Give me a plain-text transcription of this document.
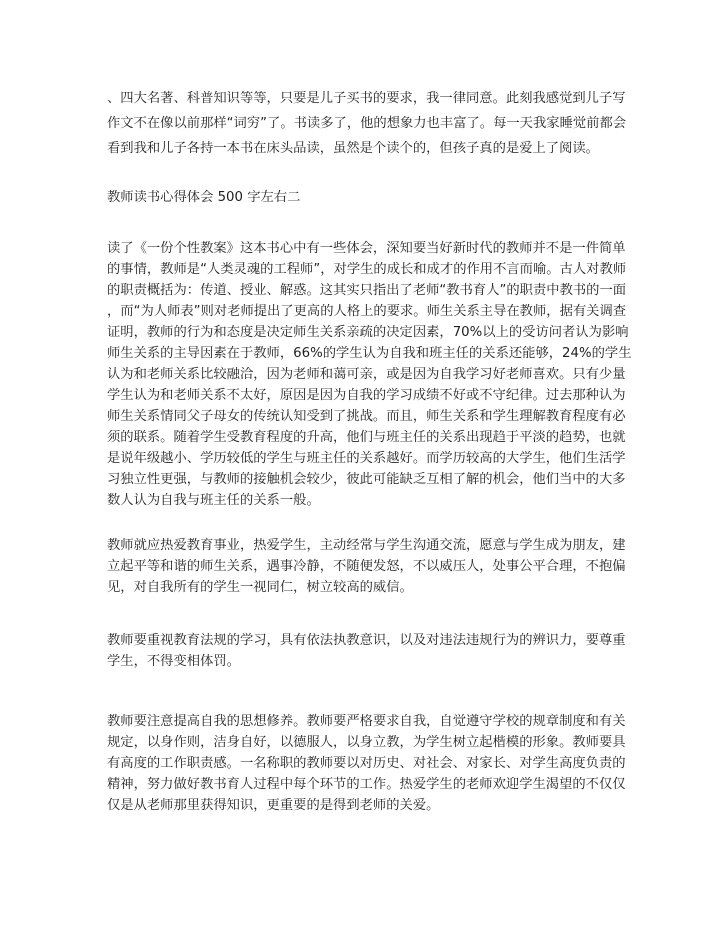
、四大名著、科普知识等等，只要是儿子买书的要求，我一律同意。此刻我感觉到儿子写
作文不在像以前那样“词穷”了。书读多了，他的想象力也丰富了。每一天我家睡觉前都会
看到我和儿子各持一本书在床头品读，虽然是个读个的，但孩子真的是爱上了阅读。
教师读书心得体会 500 字左右二
读了《一份个性教案》这本书心中有一些体会，深知要当好新时代的教师并不是一件简单
的事情，教师是“人类灵魂的工程师”，对学生的成长和成才的作用不言而喻。古人对教师
的职责概括为：传道、授业、解惑。这其实只指出了老师“教书育人”的职责中教书的一面
，而“为人师表”则对老师提出了更高的人格上的要求。师生关系主导在教师，据有关调查
证明，教师的行为和态度是决定师生关系亲疏的决定因素，70%以上的受访问者认为影响
师生关系的主导因素在于教师，66%的学生认为自我和班主任的关系还能够，24%的学生
认为和老师关系比较融洽，因为老师和蔼可亲，或是因为自我学习好老师喜欢。只有少量
学生认为和老师关系不太好，原因是因为自我的学习成绩不好或不守纪律。过去那种认为
师生关系情同父子母女的传统认知受到了挑战。而且，师生关系和学生理解教育程度有必
须的联系。随着学生受教育程度的升高，他们与班主任的关系出现趋于平淡的趋势，也就
是说年级越小、学历较低的学生与班主任的关系越好。而学历较高的大学生，他们生活学
习独立性更强，与教师的接触机会较少，彼此可能缺乏互相了解的机会，他们当中的大多
数人认为自我与班主任的关系一般。
教师就应热爱教育事业，热爱学生，主动经常与学生沟通交流，愿意与学生成为朋友，建
立起平等和谐的师生关系，遇事冷静，不随便发怒，不以威压人，处事公平合理，不抱偏
见，对自我所有的学生一视同仁，树立较高的威信。
教师要重视教育法规的学习，具有依法执教意识，以及对违法违规行为的辨识力，要尊重
学生，不得变相体罚。
教师要注意提高自我的思想修养。教师要严格要求自我，自觉遵守学校的规章制度和有关
规定，以身作则，洁身自好，以德服人，以身立教，为学生树立起楷模的形象。教师要具
有高度的工作职责感。一名称职的教师要以对历史、对社会、对家长、对学生高度负责的
精神，努力做好教书育人过程中每个环节的工作。热爱学生的老师欢迎学生渴望的不仅仅
仅是从老师那里获得知识，更重要的是得到老师的关爱。
